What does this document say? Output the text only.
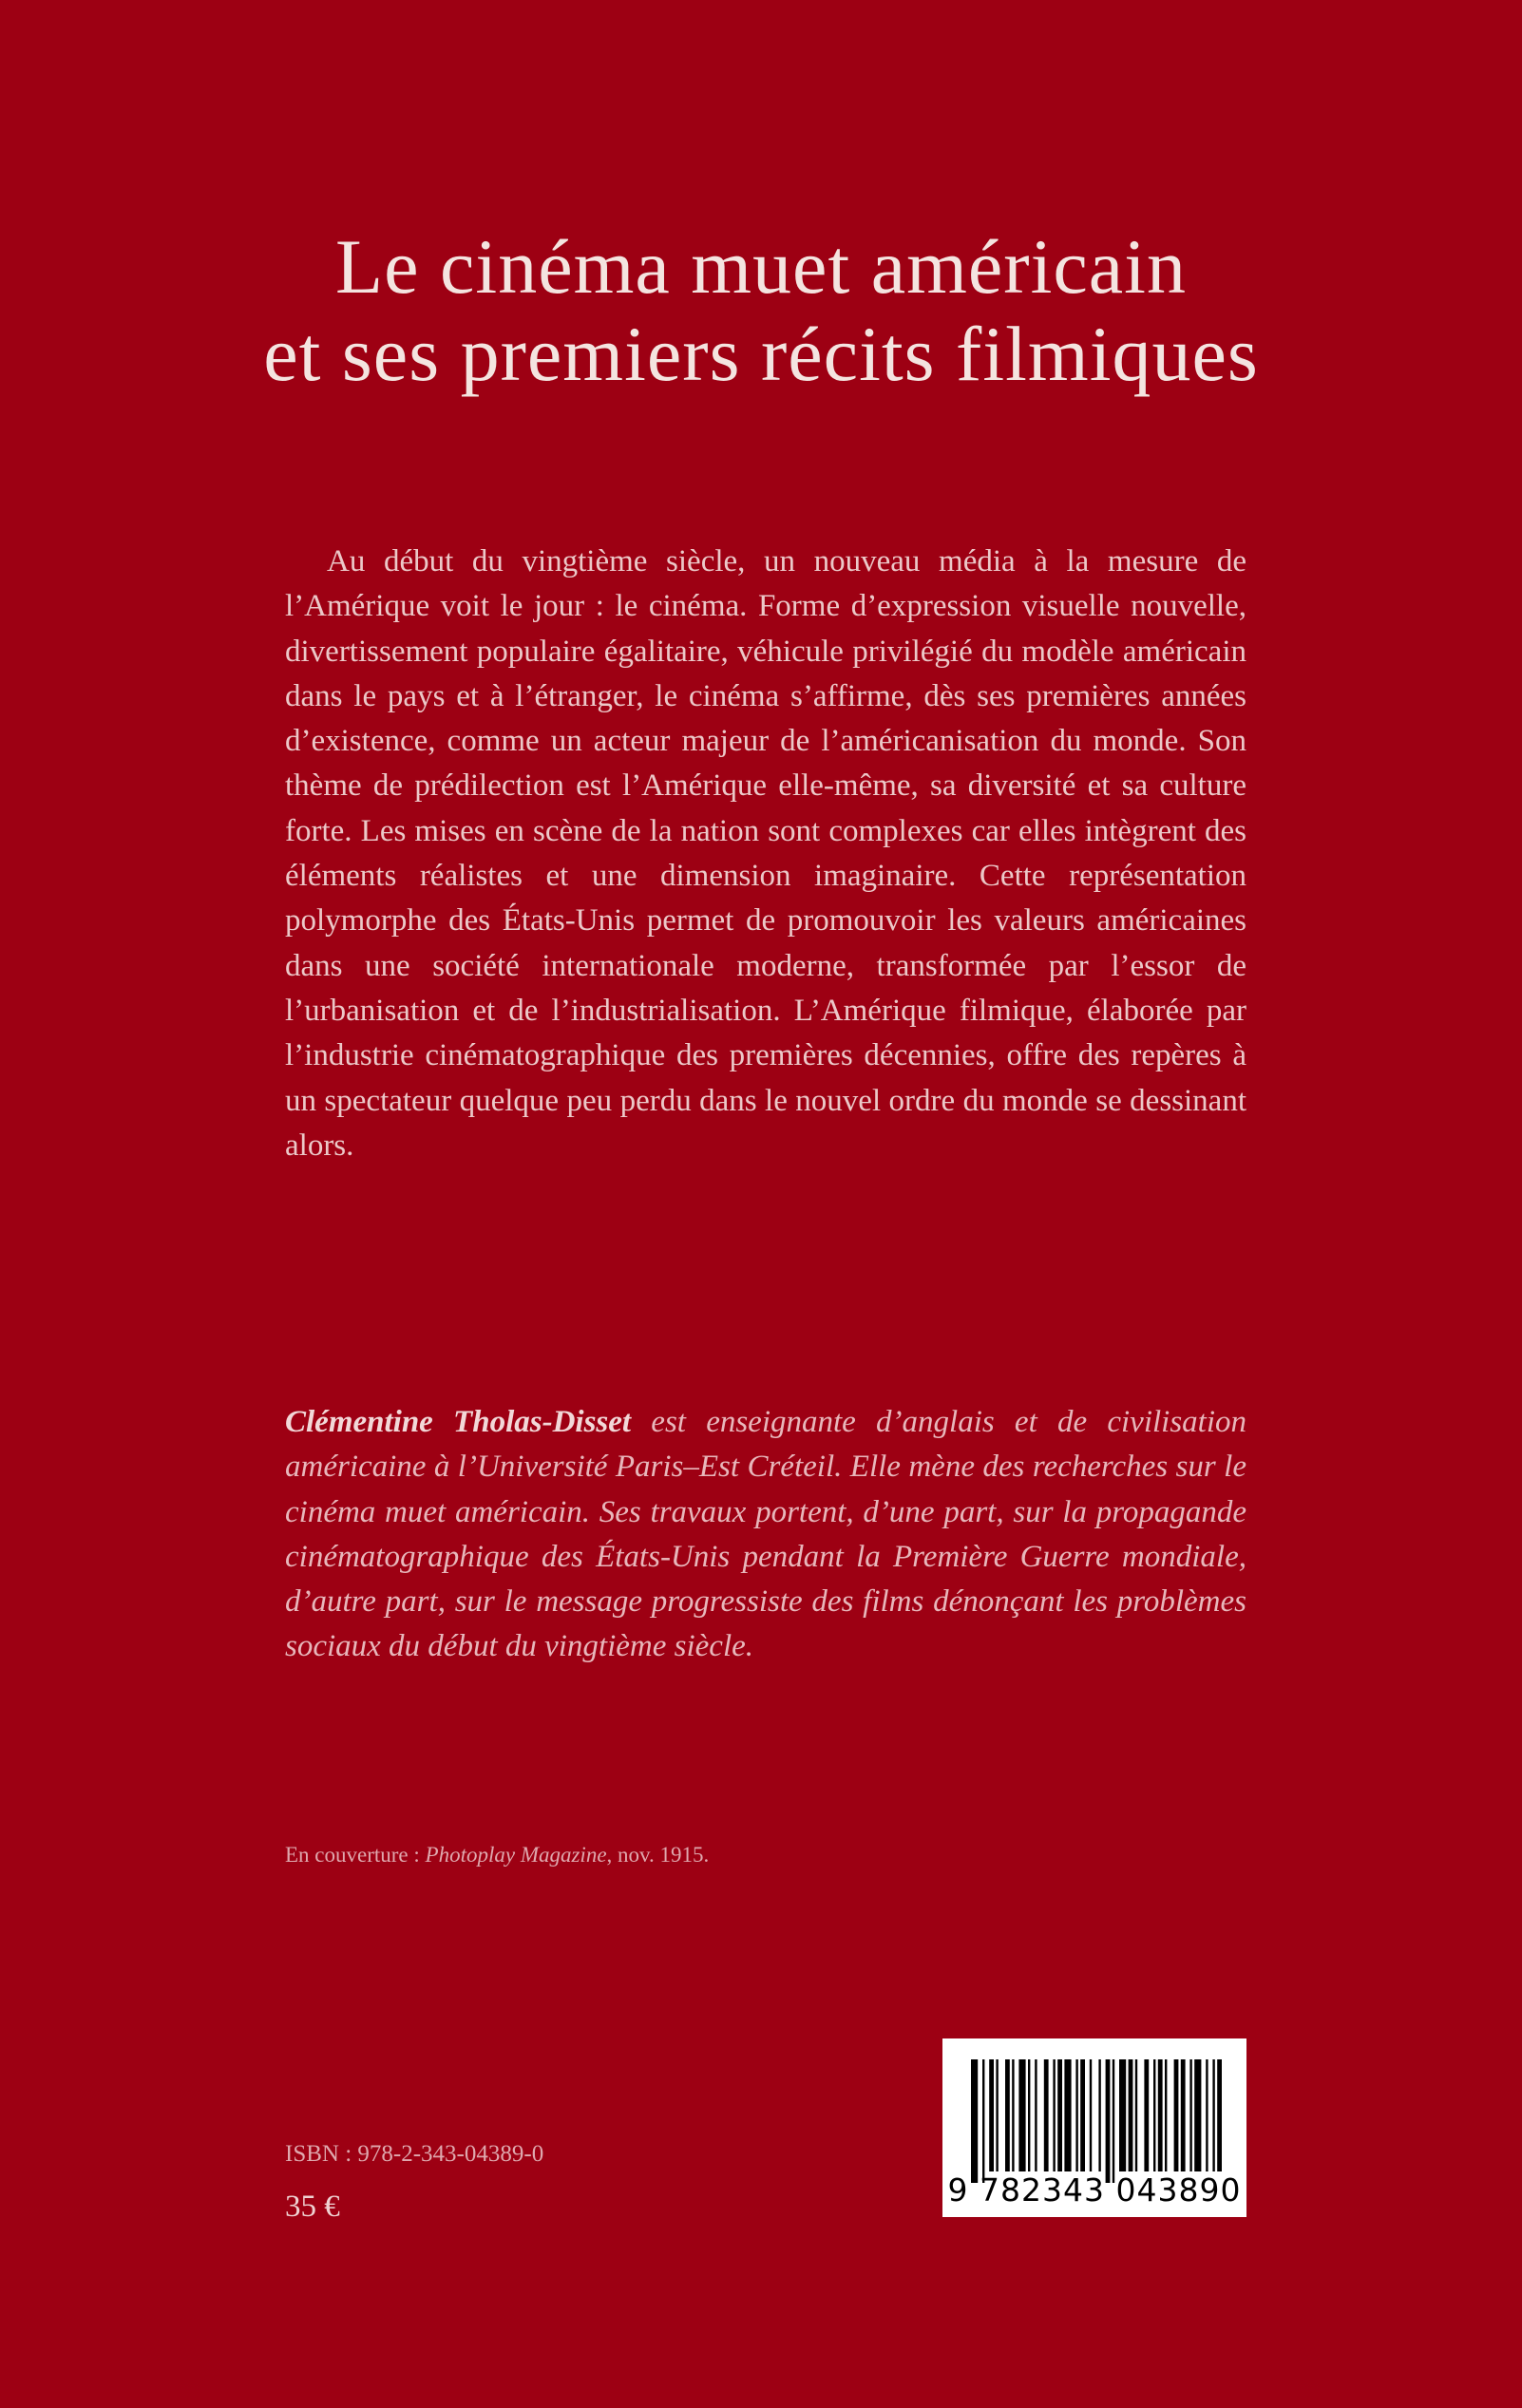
Le cinéma muet américain
et ses premiers récits filmiques

Au début du vingtième siècle, un nouveau média à la mesure de l’Amérique voit le jour : le cinéma. Forme d’expression visuelle nouvelle, divertissement populaire égalitaire, véhicule privilégié du modèle américain dans le pays et à l’étranger, le cinéma s’affirme, dès ses premières années d’existence, comme un acteur majeur de l’américanisation du monde. Son thème de prédilection est l’Amérique elle-même, sa diversité et sa culture forte. Les mises en scène de la nation sont complexes car elles intègrent des éléments réalistes et une dimension imaginaire. Cette représentation polymorphe des États-Unis permet de promouvoir les valeurs américaines dans une société internationale moderne, transformée par l’essor de l’urbanisation et de l’industrialisation. L’Amérique filmique, élaborée par l’industrie cinématographique des premières décennies, offre des repères à un spectateur quelque peu perdu dans le nouvel ordre du monde se dessinant alors.

Clémentine Tholas-Disset est enseignante d’anglais et de civilisation américaine à l’Université Paris–Est Créteil. Elle mène des recherches sur le cinéma muet américain. Ses travaux portent, d’une part, sur la propagande cinématographique des États-Unis pendant la Première Guerre mondiale, d’autre part, sur le message progressiste des films dénonçant les problèmes sociaux du début du vingtième siècle.

En couverture : Photoplay Magazine, nov. 1915.

ISBN : 978-2-343-04389-0

35 €	9 782343 043890
